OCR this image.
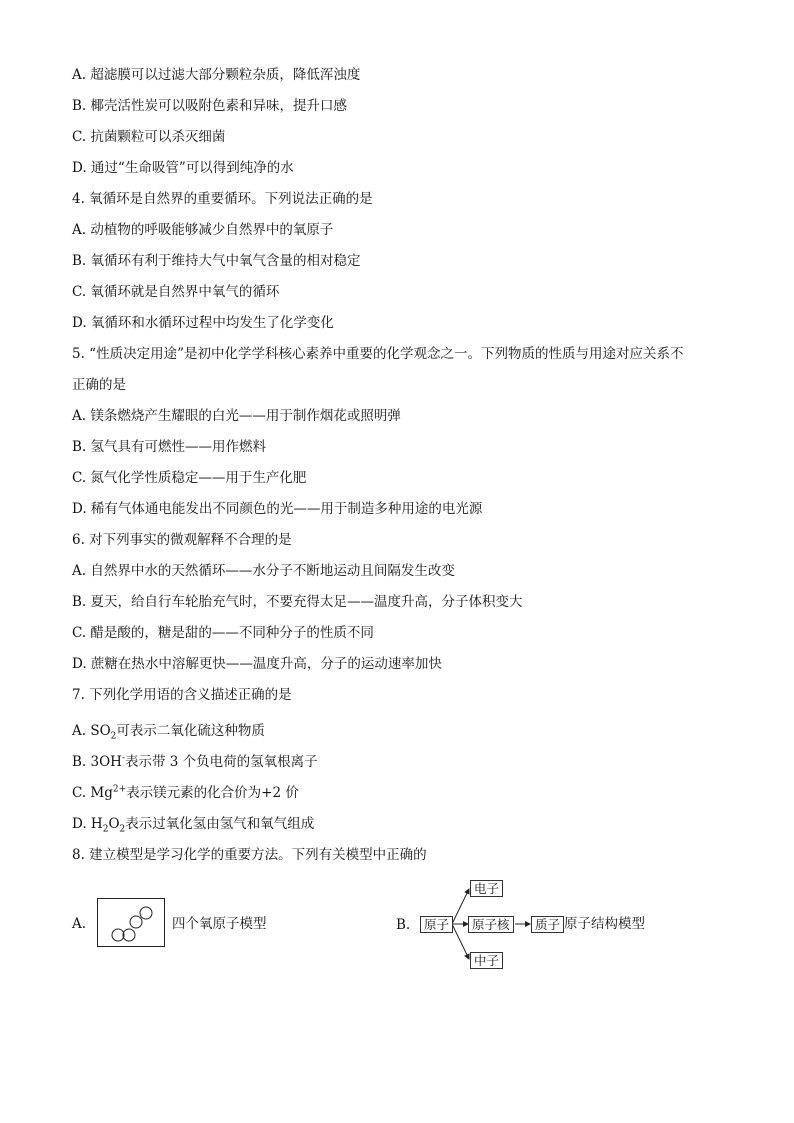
A. 超滤膜可以过滤大部分颗粒杂质，降低浑浊度
B. 椰壳活性炭可以吸附色素和异味，提升口感
C. 抗菌颗粒可以杀灭细菌
D. 通过“生命吸管”可以得到纯净的水
4. 氧循环是自然界的重要循环。下列说法正确的是
A. 动植物的呼吸能够减少自然界中的氧原子
B. 氧循环有利于维持大气中氧气含量的相对稳定
C. 氧循环就是自然界中氧气的循环
D. 氧循环和水循环过程中均发生了化学变化
5. “性质决定用途”是初中化学学科核心素养中重要的化学观念之一。下列物质的性质与用途对应关系不
正确的是
A. 镁条燃烧产生耀眼的白光——用于制作烟花或照明弹
B. 氢气具有可燃性——用作燃料
C. 氮气化学性质稳定——用于生产化肥
D. 稀有气体通电能发出不同颜色的光——用于制造多种用途的电光源
6. 对下列事实的微观解释不合理的是
A. 自然界中水的天然循环——水分子不断地运动且间隔发生改变
B. 夏天，给自行车轮胎充气时，不要充得太足——温度升高，分子体积变大
C. 醋是酸的，糖是甜的——不同种分子的性质不同
D. 蔗糖在热水中溶解更快——温度升高，分子的运动速率加快
7. 下列化学用语的含义描述正确的是
A. $SO_2$可表示二氧化硫这种物质
B. 3OH-表示带 3 个负电荷的氢氧根离子
C. $Mg^{2+}$表示镁元素的化合价为+2 价
D. $H_2O_2$表示过氧化氢由氢气和氧气组成
8. 建立模型是学习化学的重要方法。下列有关模型中正确的
A.	四个氧原子模型	B.	原子	原子核
电子
中子
质子 原子结构模型
